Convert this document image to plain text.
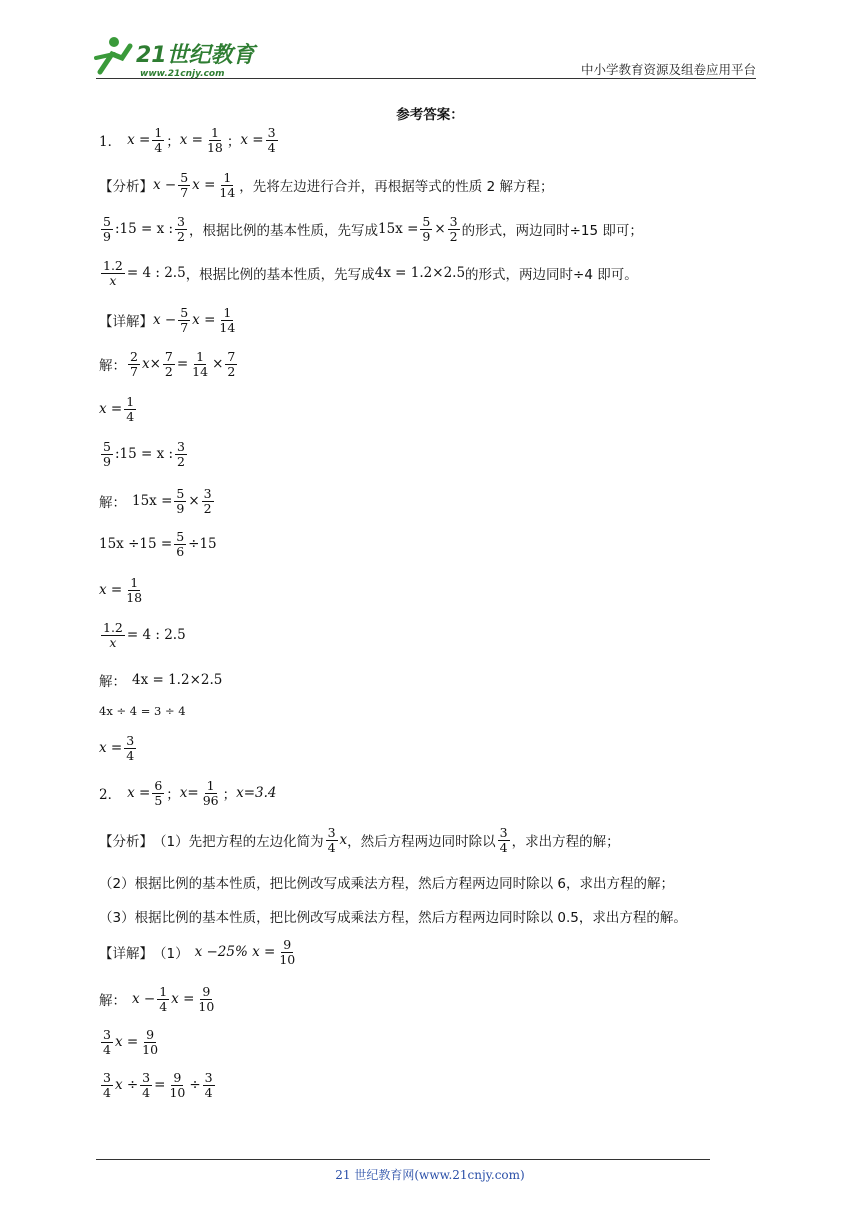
21世纪教育
www.21cnjy.com	中小学教育资源及组卷应用平台
参考答案：
1． $x = \frac{1}{4}$ ； $x = \frac{1}{18}$ ； $x = \frac{3}{4}$
【分析】 $x - \frac{5}{7}$ $x = \frac{1}{14}$ ，先将左边进行合并，再根据等式的性质 2 解方程；
$\frac{5}{9}$ :15 = x : $\frac{3}{2}$ ，根据比例的基本性质，先写成 $15x = \frac{5}{9} \times \frac{3}{2}$ 的形式，两边同时÷15 即可；
$\frac{1.2}{x} = 4$ : 2.5 ，根据比例的基本性质，先写成 4x = 1.2×2.5 的形式，两边同时÷4 即可。
【详解】 $x - \frac{5}{7}$ $x = \frac{1}{14}$
解： $\frac{2}{7}$ $x \times \frac{7}{2} = \frac{1}{14} \times \frac{7}{2}$
$x = \frac{1}{4}$
$\frac{5}{9}$ :15 = x : $\frac{3}{2}$
解： $15x = \frac{5}{9} \times \frac{3}{2}$
$15x \div 15 = \frac{5}{6} \div 15$
$x = \frac{1}{18}$
$\frac{1.2}{x} = 4$ : 2.5
解： 4x = 1.2×2.5
4x ÷ 4 = 3 ÷ 4
$x = \frac{3}{4}$
2． $x = \frac{6}{5}$ ； $x= \frac{1}{96}$ ； x=3.4
【分析】 （1）先把方程的左边化简为 $\frac{3}{4}$ x ，然后方程两边同时除以 $\frac{3}{4}$ ，求出方程的解；
（2）根据比例的基本性质，把比例改写成乘法方程，然后方程两边同时除以 6，求出方程的解；
（3）根据比例的基本性质，把比例改写成乘法方程，然后方程两边同时除以 0.5，求出方程的解。
【详解】 （1） x −25% $x = \frac{9}{10}$
解： $x - \frac{1}{4}$ $x = \frac{9}{10}$
$\frac{3}{4}$ $x = \frac{9}{10}$
$\frac{3}{4}$ $x \div \frac{3}{4} = \frac{9}{10} \div \frac{3}{4}$
21 世纪教育网(www.21cnjy.com)
